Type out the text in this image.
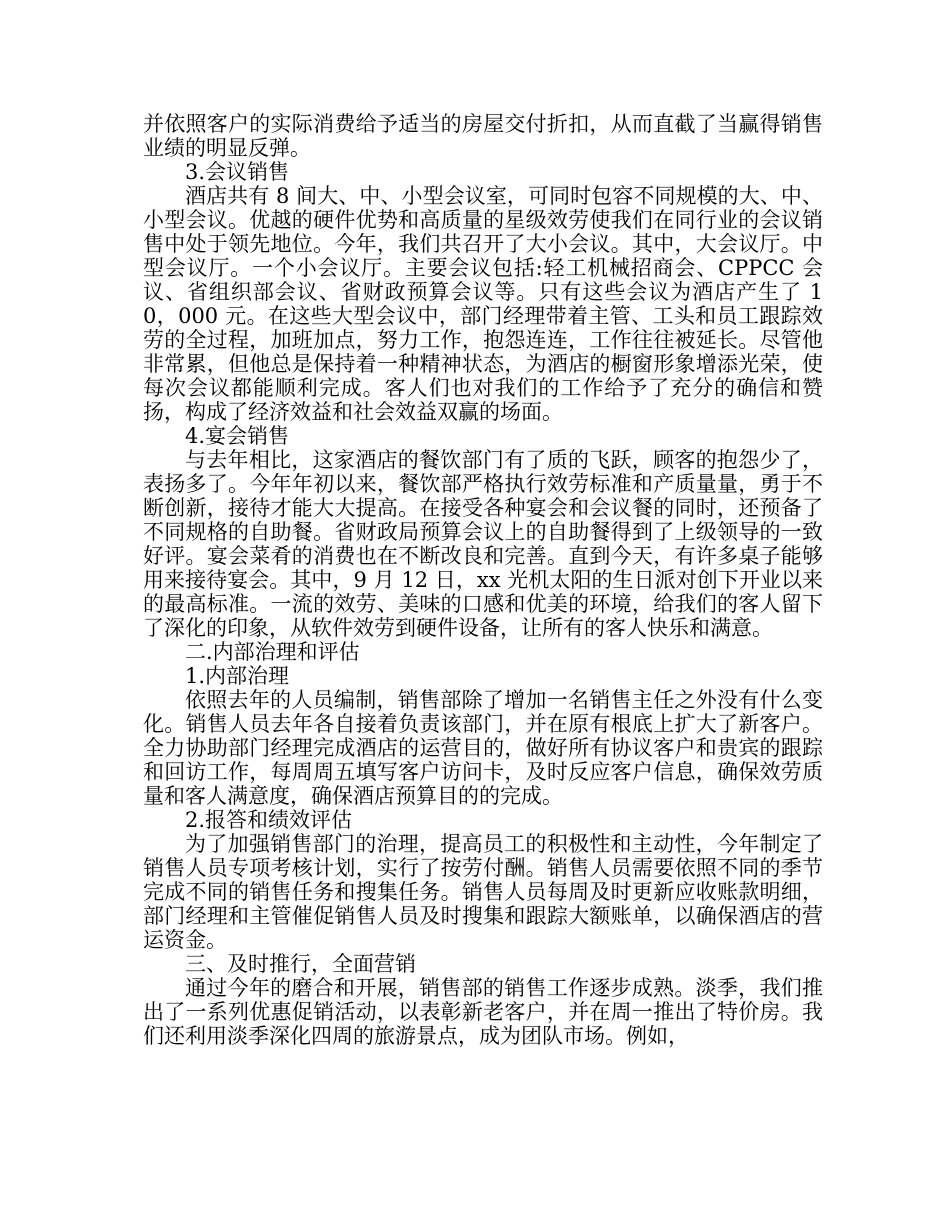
并依照客户的实际消费给予适当的房屋交付折扣，从而直截了当赢得销售业绩的明显反弹。

3.会议销售

酒店共有 8 间大、中、小型会议室，可同时包容不同规模的大、中、小型会议。优越的硬件优势和高质量的星级效劳使我们在同行业的会议销售中处于领先地位。今年，我们共召开了大小会议。其中，大会议厅。中型会议厅。一个小会议厅。主要会议包括:轻工机械招商会、CPPCC 会议、省组织部会议、省财政预算会议等。只有这些会议为酒店产生了 10，000 元。在这些大型会议中，部门经理带着主管、工头和员工跟踪效劳的全过程，加班加点，努力工作，抱怨连连，工作往往被延长。尽管他非常累，但他总是保持着一种精神状态，为酒店的橱窗形象增添光荣，使每次会议都能顺利完成。客人们也对我们的工作给予了充分的确信和赞扬，构成了经济效益和社会效益双赢的场面。

4.宴会销售

与去年相比，这家酒店的餐饮部门有了质的飞跃，顾客的抱怨少了，表扬多了。今年年初以来，餐饮部严格执行效劳标准和产质量量，勇于不断创新，接待才能大大提高。在接受各种宴会和会议餐的同时，还预备了不同规格的自助餐。省财政局预算会议上的自助餐得到了上级领导的一致好评。宴会菜肴的消费也在不断改良和完善。直到今天，有许多桌子能够用来接待宴会。其中，9 月 12 日，xx 光机太阳的生日派对创下开业以来的最高标准。一流的效劳、美味的口感和优美的环境，给我们的客人留下了深化的印象，从软件效劳到硬件设备，让所有的客人快乐和满意。

二.内部治理和评估

1.内部治理

依照去年的人员编制，销售部除了增加一名销售主任之外没有什么变化。销售人员去年各自接着负责该部门，并在原有根底上扩大了新客户。全力协助部门经理完成酒店的运营目的，做好所有协议客户和贵宾的跟踪和回访工作，每周周五填写客户访问卡，及时反应客户信息，确保效劳质量和客人满意度，确保酒店预算目的的完成。

2.报答和绩效评估

为了加强销售部门的治理，提高员工的积极性和主动性，今年制定了销售人员专项考核计划，实行了按劳付酬。销售人员需要依照不同的季节完成不同的销售任务和搜集任务。销售人员每周及时更新应收账款明细，部门经理和主管催促销售人员及时搜集和跟踪大额账单，以确保酒店的营运资金。

三、及时推行，全面营销

通过今年的磨合和开展，销售部的销售工作逐步成熟。淡季，我们推出了一系列优惠促销活动，以表彰新老客户，并在周一推出了特价房。我们还利用淡季深化四周的旅游景点，成为团队市场。例如，
